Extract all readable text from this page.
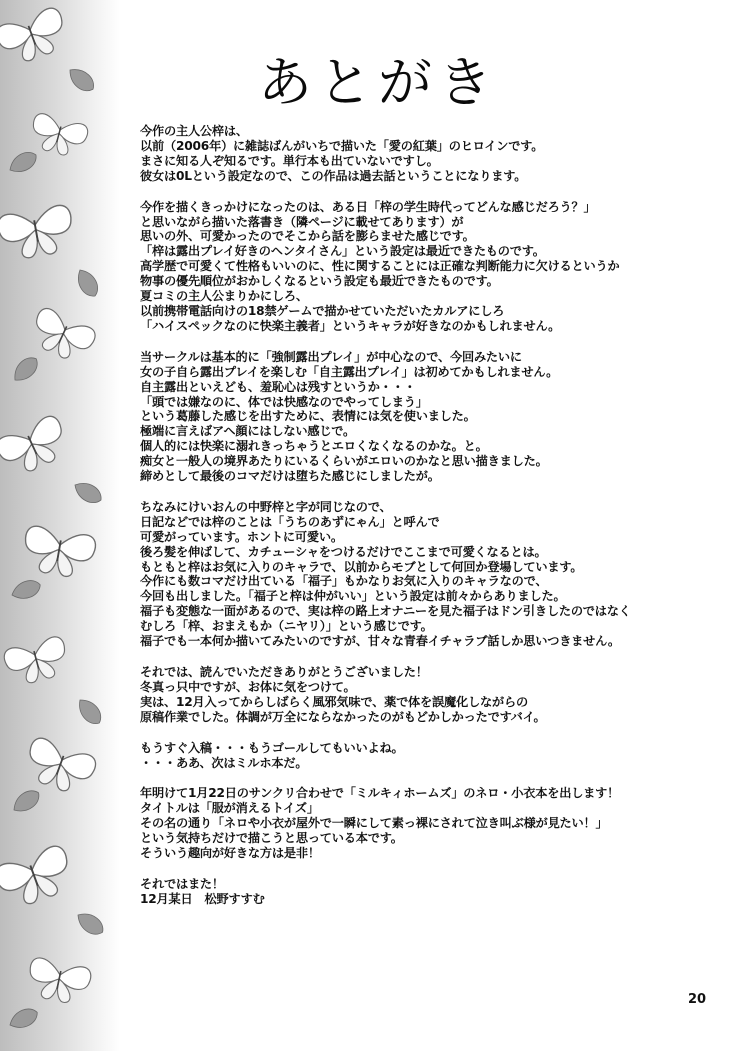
あとがき
今作の主人公梓は、
以前（2006年）に雑誌ばんがいちで描いた「愛の紅葉」のヒロインです。
まさに知る人ぞ知るです。単行本も出ていないですし。
彼女は0Lという設定なので、この作品は過去話ということになります。
今作を描くきっかけになったのは、ある日「梓の学生時代ってどんな感じだろう？」
と思いながら描いた落書き（隣ページに載せてあります）が
思いの外、可愛かったのでそこから話を膨らませた感じです。
「梓は露出プレイ好きのヘンタイさん」という設定は最近できたものです。
高学歴で可愛くて性格もいいのに、性に関することには正確な判断能力に欠けるというか
物事の優先順位がおかしくなるという設定も最近できたものです。
夏コミの主人公まりかにしろ、
以前携帯電話向けの18禁ゲームで描かせていただいたカルアにしろ
「ハイスペックなのに快楽主義者」というキャラが好きなのかもしれません。
当サークルは基本的に「強制露出プレイ」が中心なので、今回みたいに
女の子自ら露出プレイを楽しむ「自主露出プレイ」は初めてかもしれません。
自主露出といえども、羞恥心は残すというか・・・
「頭では嫌なのに、体では快感なのでやってしまう」
という葛藤した感じを出すために、表情には気を使いました。
極端に言えばアヘ顔にはしない感じで。
個人的には快楽に溺れきっちゃうとエロくなくなるのかな。と。
痴女と一般人の境界あたりにいるくらいがエロいのかなと思い描きました。
締めとして最後のコマだけは堕ちた感じにしましたが。
ちなみにけいおんの中野梓と字が同じなので、
日記などでは梓のことは「うちのあずにゃん」と呼んで
可愛がっています。ホントに可愛い。
後ろ髪を伸ばして、カチューシャをつけるだけでここまで可愛くなるとは。
もともと梓はお気に入りのキャラで、以前からモブとして何回か登場しています。
今作にも数コマだけ出ている「福子」もかなりお気に入りのキャラなので、
今回も出しました。「福子と梓は仲がいい」という設定は前々からありました。
福子も変態な一面があるので、実は梓の路上オナニーを見た福子はドン引きしたのではなく
むしろ「梓、おまえもか（ニヤリ）」という感じです。
福子でも一本何か描いてみたいのですが、甘々な青春イチャラブ話しか思いつきません。
それでは、読んでいただきありがとうございました！
冬真っ只中ですが、お体に気をつけて。
実は、12月入ってからしばらく風邪気味で、薬で体を誤魔化しながらの
原稿作業でした。体調が万全にならなかったのがもどかしかったですバイ。
もうすぐ入稿・・・もうゴールしてもいいよね。
・・・ああ、次はミルホ本だ。
年明けて1月22日のサンクリ合わせで「ミルキィホームズ」のネロ・小衣本を出します！
タイトルは「服が消えるトイズ」
その名の通り「ネロや小衣が屋外で一瞬にして素っ裸にされて泣き叫ぶ様が見たい！」
という気持ちだけで描こうと思っている本です。
そういう趣向が好きな方は是非！
それではまた！
12月某日　松野すすむ
20
